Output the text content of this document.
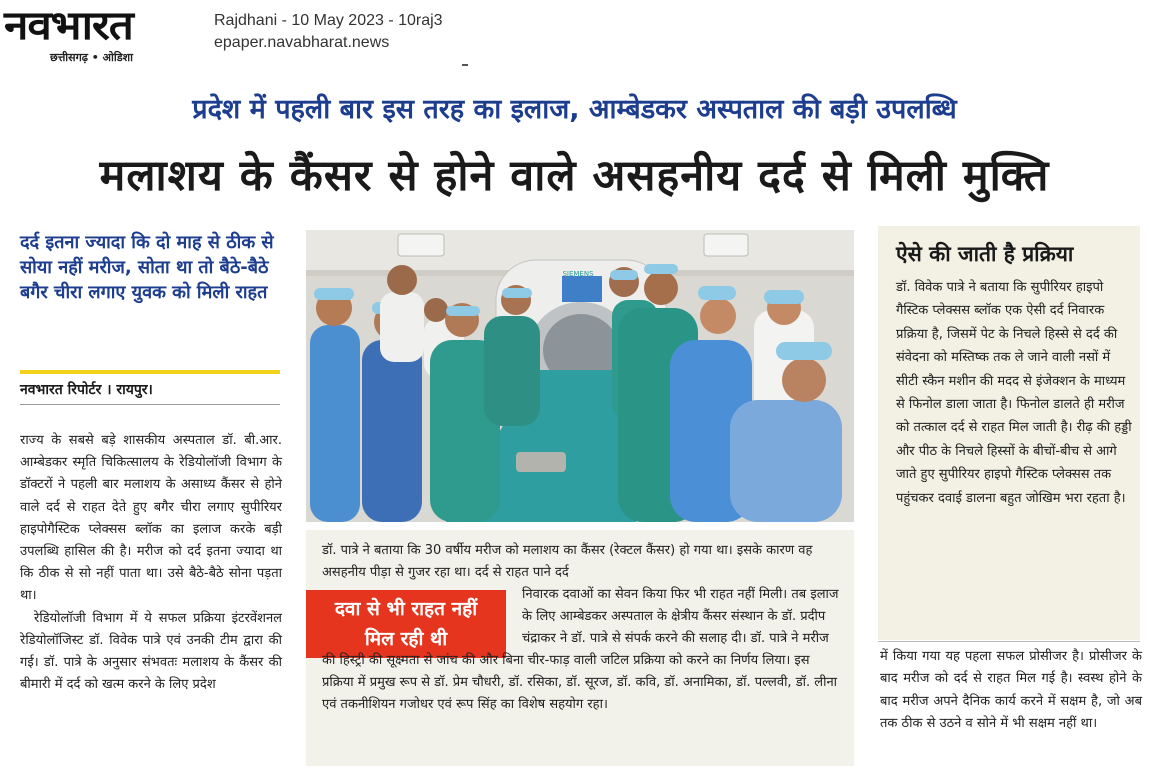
नवभारत
छत्तीसगढ़ • ओडिशा
Rajdhani - 10 May 2023 - 10raj3
epaper.navabharat.news
प्रदेश में पहली बार इस तरह का इलाज, आम्बेडकर अस्पताल की बड़ी उपलब्धि
मलाशय के कैंसर से होने वाले असहनीय दर्द से मिली मुक्ति
दर्द इतना ज्यादा कि दो माह से ठीक से सोया नहीं मरीज, सोता था तो बैठे-बैठे बगैर चीरा लगाए युवक को मिली राहत
नवभारत रिपोर्टर । रायपुर।

राज्य के सबसे बड़े शासकीय अस्पताल डॉ. बी.आर. आम्बेडकर स्मृति चिकित्सालय के रेडियोलॉजी विभाग के डॉक्टरों ने पहली बार मलाशय के असाध्य कैंसर से होने वाले दर्द से राहत देते हुए बगैर चीरा लगाए सुपीरियर हाइपोगैस्टिक प्लेक्सस ब्लॉक का इलाज करके बड़ी उपलब्धि हासिल की है। मरीज को दर्द इतना ज्यादा था कि ठीक से सो नहीं पाता था। उसे बैठे-बैठे सोना पड़ता था।

रेडियोलॉजी विभाग में ये सफल प्रक्रिया इंटरवेंशनल रेडियोलॉजिस्ट डॉ. विवेक पात्रे एवं उनकी टीम द्वारा की गई। डॉ. पात्रे के अनुसार संभवतः मलाशय के कैंसर की बीमारी में दर्द को खत्म करने के लिए प्रदेश

SIEMENS
डॉ. पात्रे ने बताया कि 30 वर्षीय मरीज को मलाशय का कैंसर (रेक्टल कैंसर) हो गया था। इसके कारण वह असहनीय पीड़ा से गुजर रहा था। दर्द से राहत पाने दर्द
दवा से भी राहत नहीं
मिल रही थी
निवारक दवाओं का सेवन किया फिर भी राहत नहीं मिली। तब इलाज के लिए आम्बेडकर अस्पताल के क्षेत्रीय कैंसर संस्थान के डॉ. प्रदीप चंद्राकर ने डॉ. पात्रे से संपर्क करने की सलाह दी। डॉ. पात्रे ने मरीज
की हिस्ट्री की सूक्ष्मता से जांच की और बिना चीर-फाड़ वाली जटिल प्रक्रिया को करने का निर्णय लिया। इस प्रक्रिया में प्रमुख रूप से डॉ. प्रेम चौधरी, डॉ. रसिका, डॉ. सूरज, डॉ. कवि, डॉ. अनामिका, डॉ. पल्लवी, डॉ. लीना एवं तकनीशियन गजोधर एवं रूप सिंह का विशेष सहयोग रहा।
ऐसे की जाती है प्रक्रिया
डॉ. विवेक पात्रे ने बताया कि सुपीरियर हाइपो गैस्टिक प्लेक्सस ब्लॉक एक ऐसी दर्द निवारक प्रक्रिया है, जिसमें पेट के निचले हिस्से से दर्द की संवेदना को मस्तिष्क तक ले जाने वाली नसों में सीटी स्कैन मशीन की मदद से इंजेक्शन के माध्यम से फिनोल डाला जाता है। फिनोल डालते ही मरीज को तत्काल दर्द से राहत मिल जाती है। रीढ़ की हड्डी और पीठ के निचले हिस्सों के बीचों-बीच से आगे जाते हुए सुपीरियर हाइपो गैस्टिक प्लेक्सस तक पहुंचकर दवाई डालना बहुत जोखिम भरा रहता है।
में किया गया यह पहला सफल प्रोसीजर है। प्रोसीजर के बाद मरीज को दर्द से राहत मिल गई है। स्वस्थ होने के बाद मरीज अपने दैनिक कार्य करने में सक्षम है, जो अब तक ठीक से उठने व सोने में भी सक्षम नहीं था।
